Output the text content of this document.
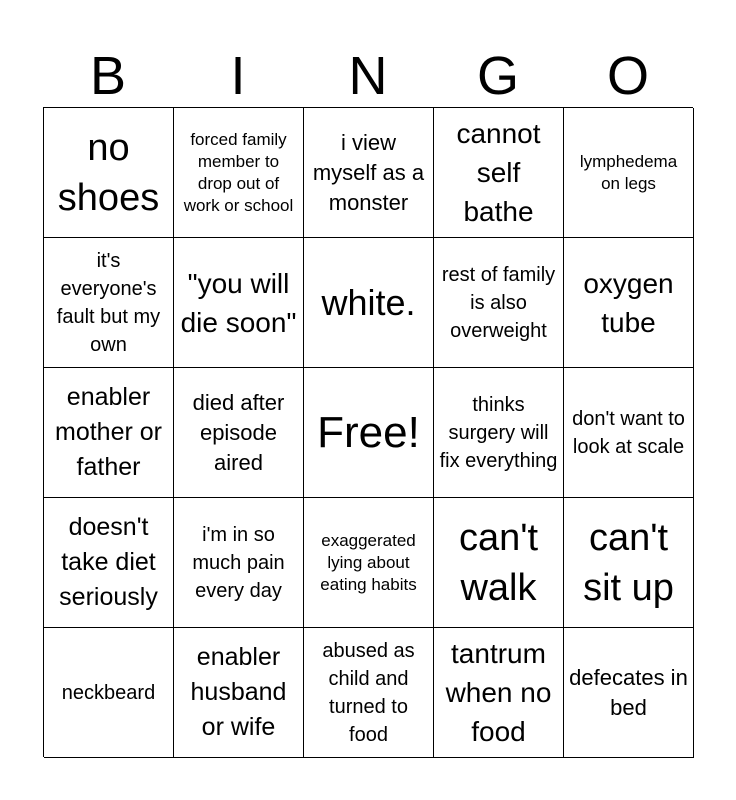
B	I	N	G	O
no shoes
forced family member to drop out of work or school
i view myself as a monster
cannot self bathe
lymphedema on legs
it's everyone's fault but my own
"you will die soon" white.
rest of family is also overweight
oxygen tube
enabler mother or father
died after episode aired
Free!
thinks surgery will fix everything
don't want to look at scale
doesn't take diet seriously
i'm in so much pain every day
exaggerated lying about eating habits
can't walk
can't sit up
neckbeard
enabler husband or wife
abused as child and turned to food
tantrum when no food
defecates in bed
